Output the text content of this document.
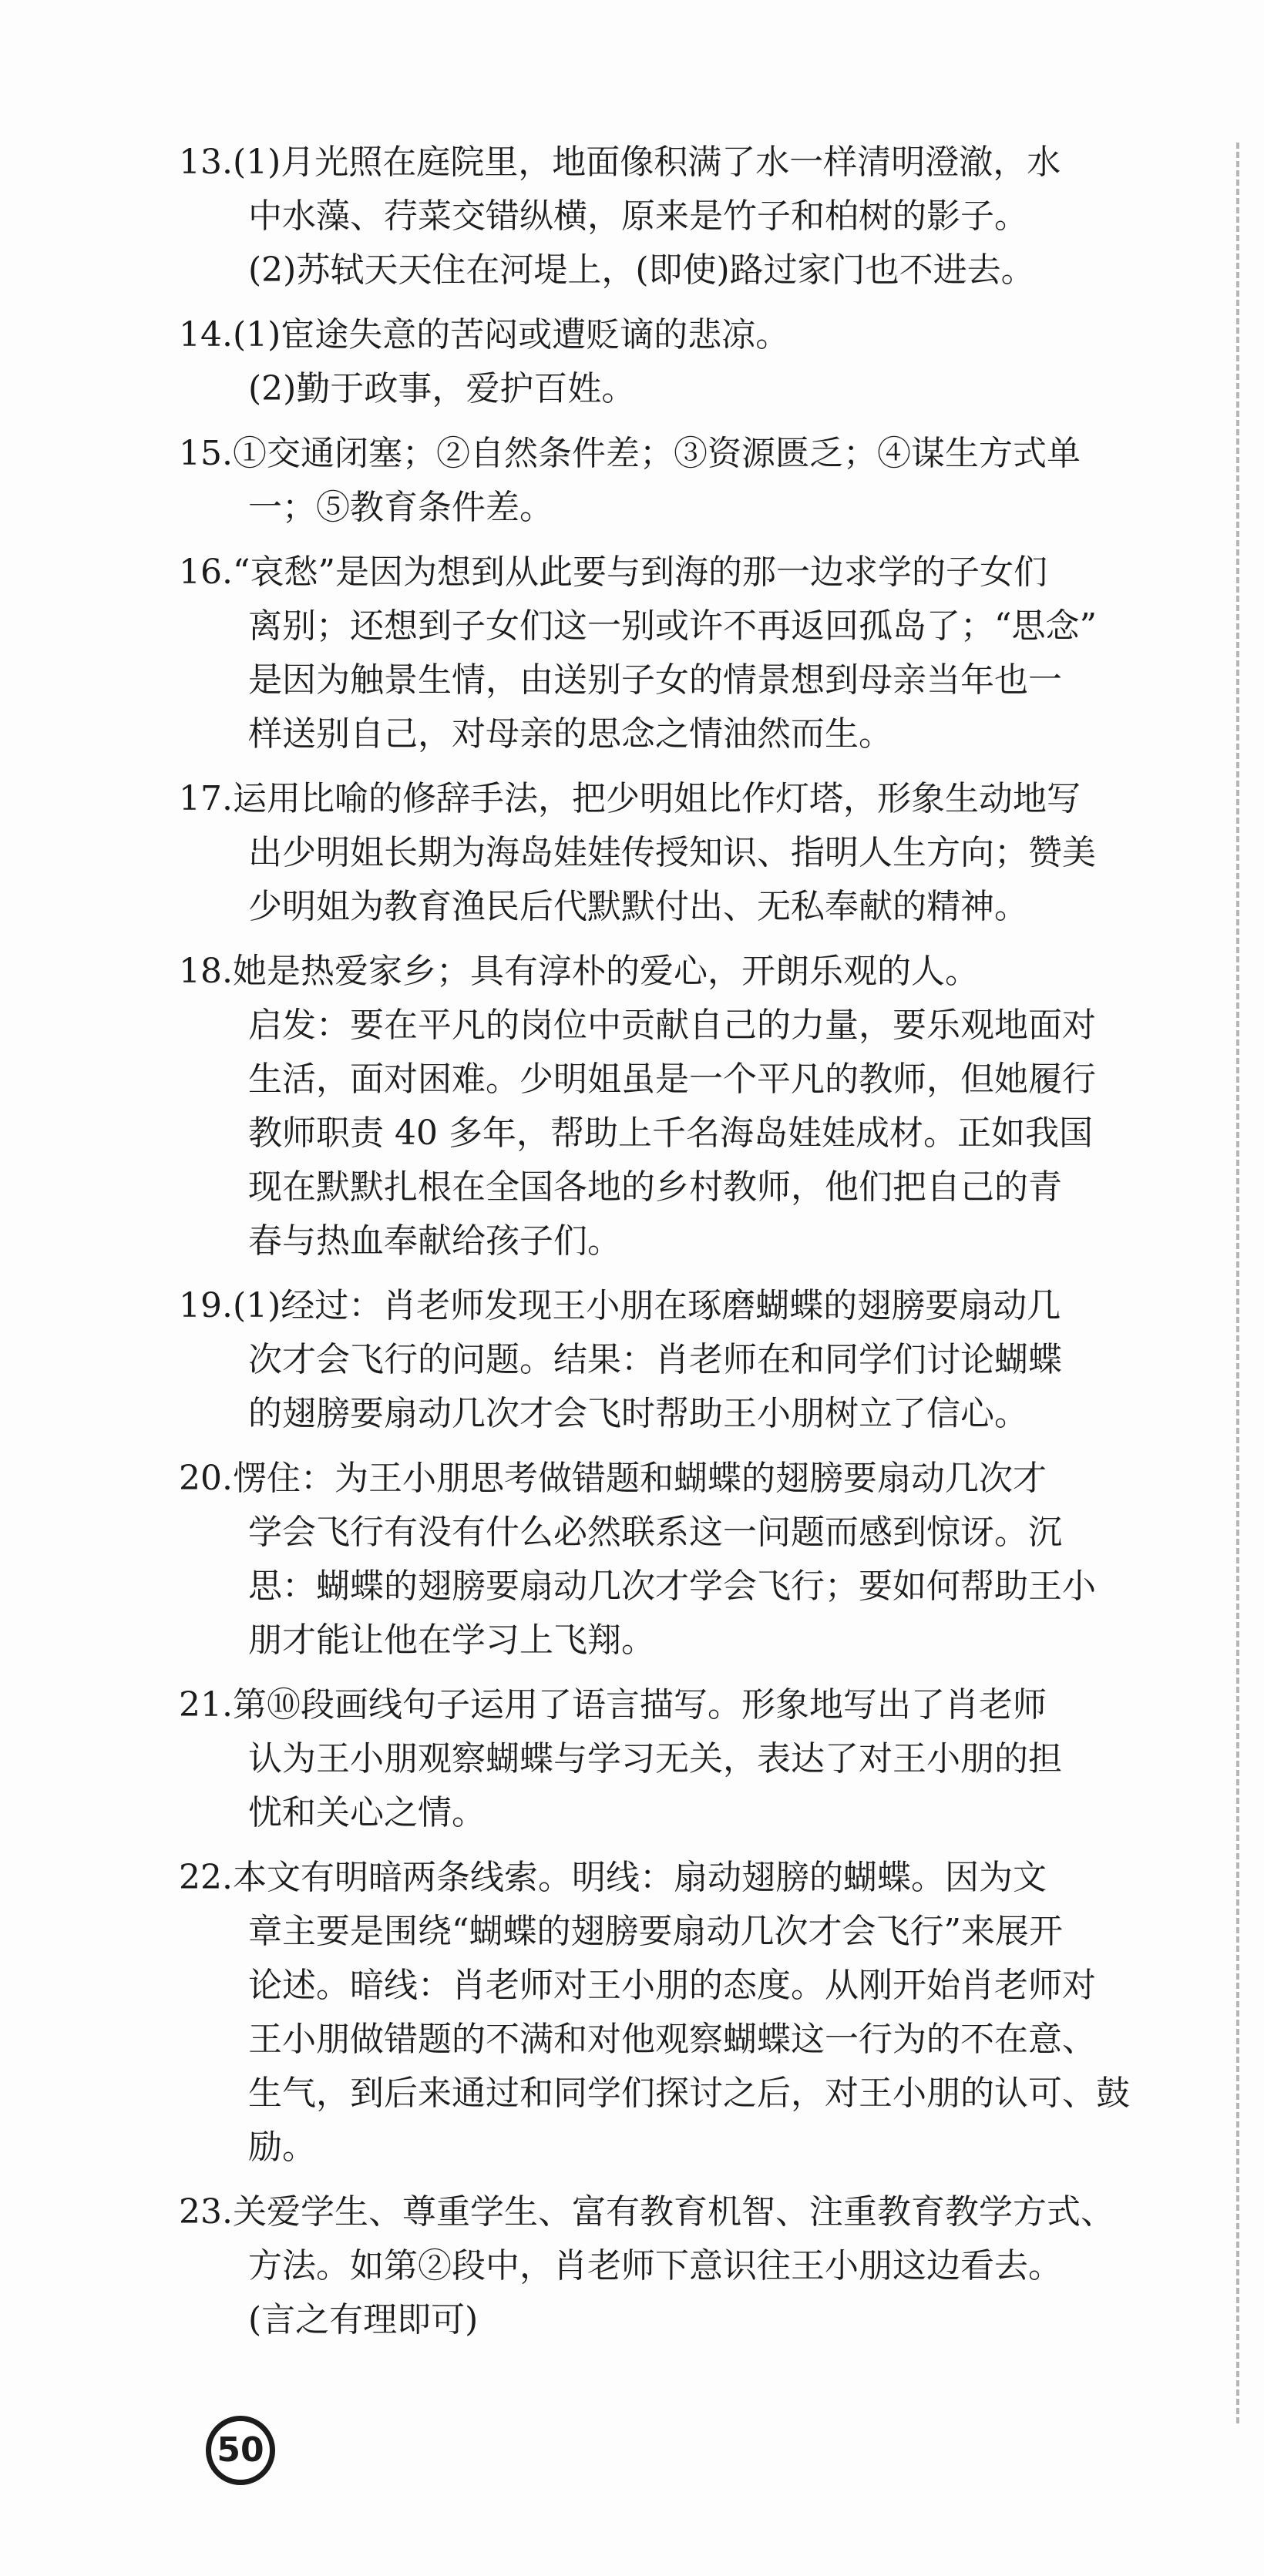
13.(1)月光照在庭院里，地面像积满了水一样清明澄澈，水
中水藻、荇菜交错纵横，原来是竹子和柏树的影子。
(2)苏轼天天住在河堤上，(即使)路过家门也不进去。
14.(1)宦途失意的苦闷或遭贬谪的悲凉。
(2)勤于政事，爱护百姓。
15.①交通闭塞；②自然条件差；③资源匮乏；④谋生方式单
一；⑤教育条件差。
16.“哀愁”是因为想到从此要与到海的那一边求学的子女们
离别；还想到子女们这一别或许不再返回孤岛了；“思念”
是因为触景生情，由送别子女的情景想到母亲当年也一
样送别自己，对母亲的思念之情油然而生。
17.运用比喻的修辞手法，把少明姐比作灯塔，形象生动地写
出少明姐长期为海岛娃娃传授知识、指明人生方向；赞美
少明姐为教育渔民后代默默付出、无私奉献的精神。
18.她是热爱家乡；具有淳朴的爱心，开朗乐观的人。
启发：要在平凡的岗位中贡献自己的力量，要乐观地面对
生活，面对困难。少明姐虽是一个平凡的教师，但她履行
教师职责 40 多年，帮助上千名海岛娃娃成材。正如我国
现在默默扎根在全国各地的乡村教师，他们把自己的青
春与热血奉献给孩子们。
19.(1)经过：肖老师发现王小朋在琢磨蝴蝶的翅膀要扇动几
次才会飞行的问题。结果：肖老师在和同学们讨论蝴蝶
的翅膀要扇动几次才会飞时帮助王小朋树立了信心。
20.愣住：为王小朋思考做错题和蝴蝶的翅膀要扇动几次才
学会飞行有没有什么必然联系这一问题而感到惊讶。沉
思：蝴蝶的翅膀要扇动几次才学会飞行；要如何帮助王小
朋才能让他在学习上飞翔。
21.第⑩段画线句子运用了语言描写。形象地写出了肖老师
认为王小朋观察蝴蝶与学习无关，表达了对王小朋的担
忧和关心之情。
22.本文有明暗两条线索。明线：扇动翅膀的蝴蝶。因为文
章主要是围绕“蝴蝶的翅膀要扇动几次才会飞行”来展开
论述。暗线：肖老师对王小朋的态度。从刚开始肖老师对
王小朋做错题的不满和对他观察蝴蝶这一行为的不在意、
生气，到后来通过和同学们探讨之后，对王小朋的认可、鼓
励。
23.关爱学生、尊重学生、富有教育机智、注重教育教学方式、
方法。如第②段中，肖老师下意识往王小朋这边看去。
(言之有理即可)
50
